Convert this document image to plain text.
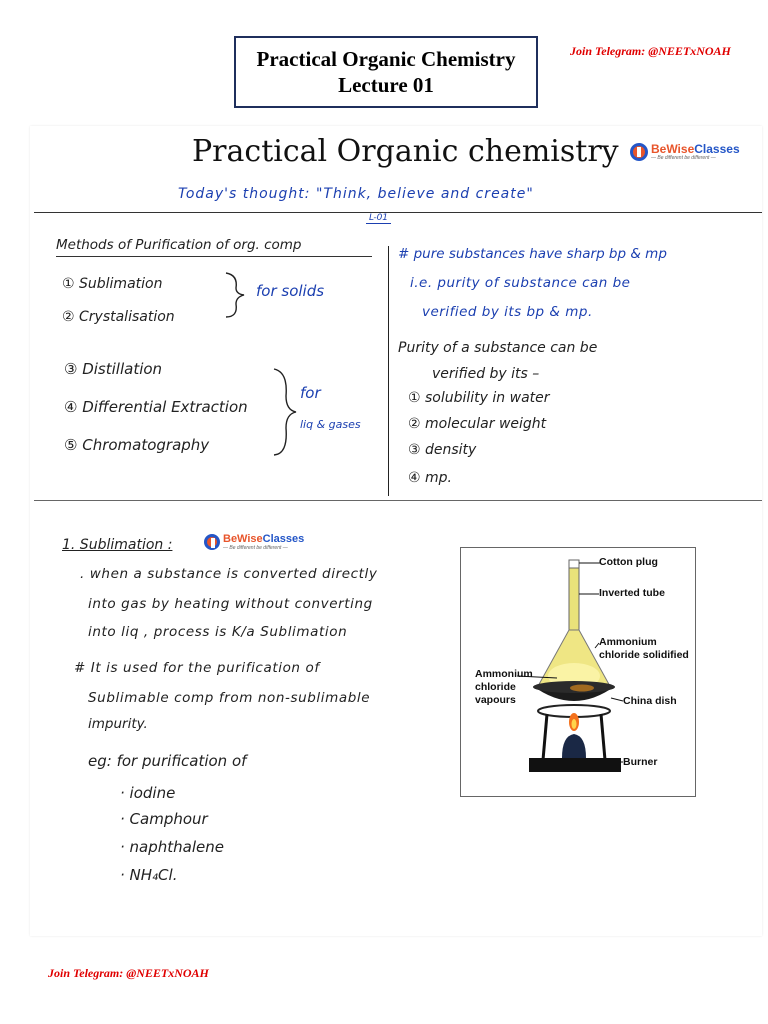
Practical Organic Chemistry
Lecture 01
Join Telegram: @NEETxNOAH
Practical Organic chemistry	BeWiseClasses
— Be different be different —
Today's thought: "Think, believe and create"
L-01
Methods of Purification of org. comp
① Sublimation
② Crystalisation
for solids
③ Distillation
④ Differential Extraction
⑤ Chromatography
for
liq & gases
# pure substances have sharp bp & mp
i.e. purity of substance can be
verified by its bp & mp.
Purity of a substance can be
verified by its –
① solubility in water
② molecular weight
③ density
④ mp.
1. Sublimation :	BeWiseClasses
— Be different be different —
. when a substance is converted directly
into gas by heating without converting
into liq , process is K/a Sublimation
# It is used for the purification of
Sublimable comp from non-sublimable
impurity.
eg: for purification of
· iodine
· Camphour
· naphthalene
· NH₄Cl.
Cotton plug
Inverted tube
Ammonium
chloride solidified
Ammonium
chloride
vapours	China dish
Burner
Join Telegram: @NEETxNOAH
